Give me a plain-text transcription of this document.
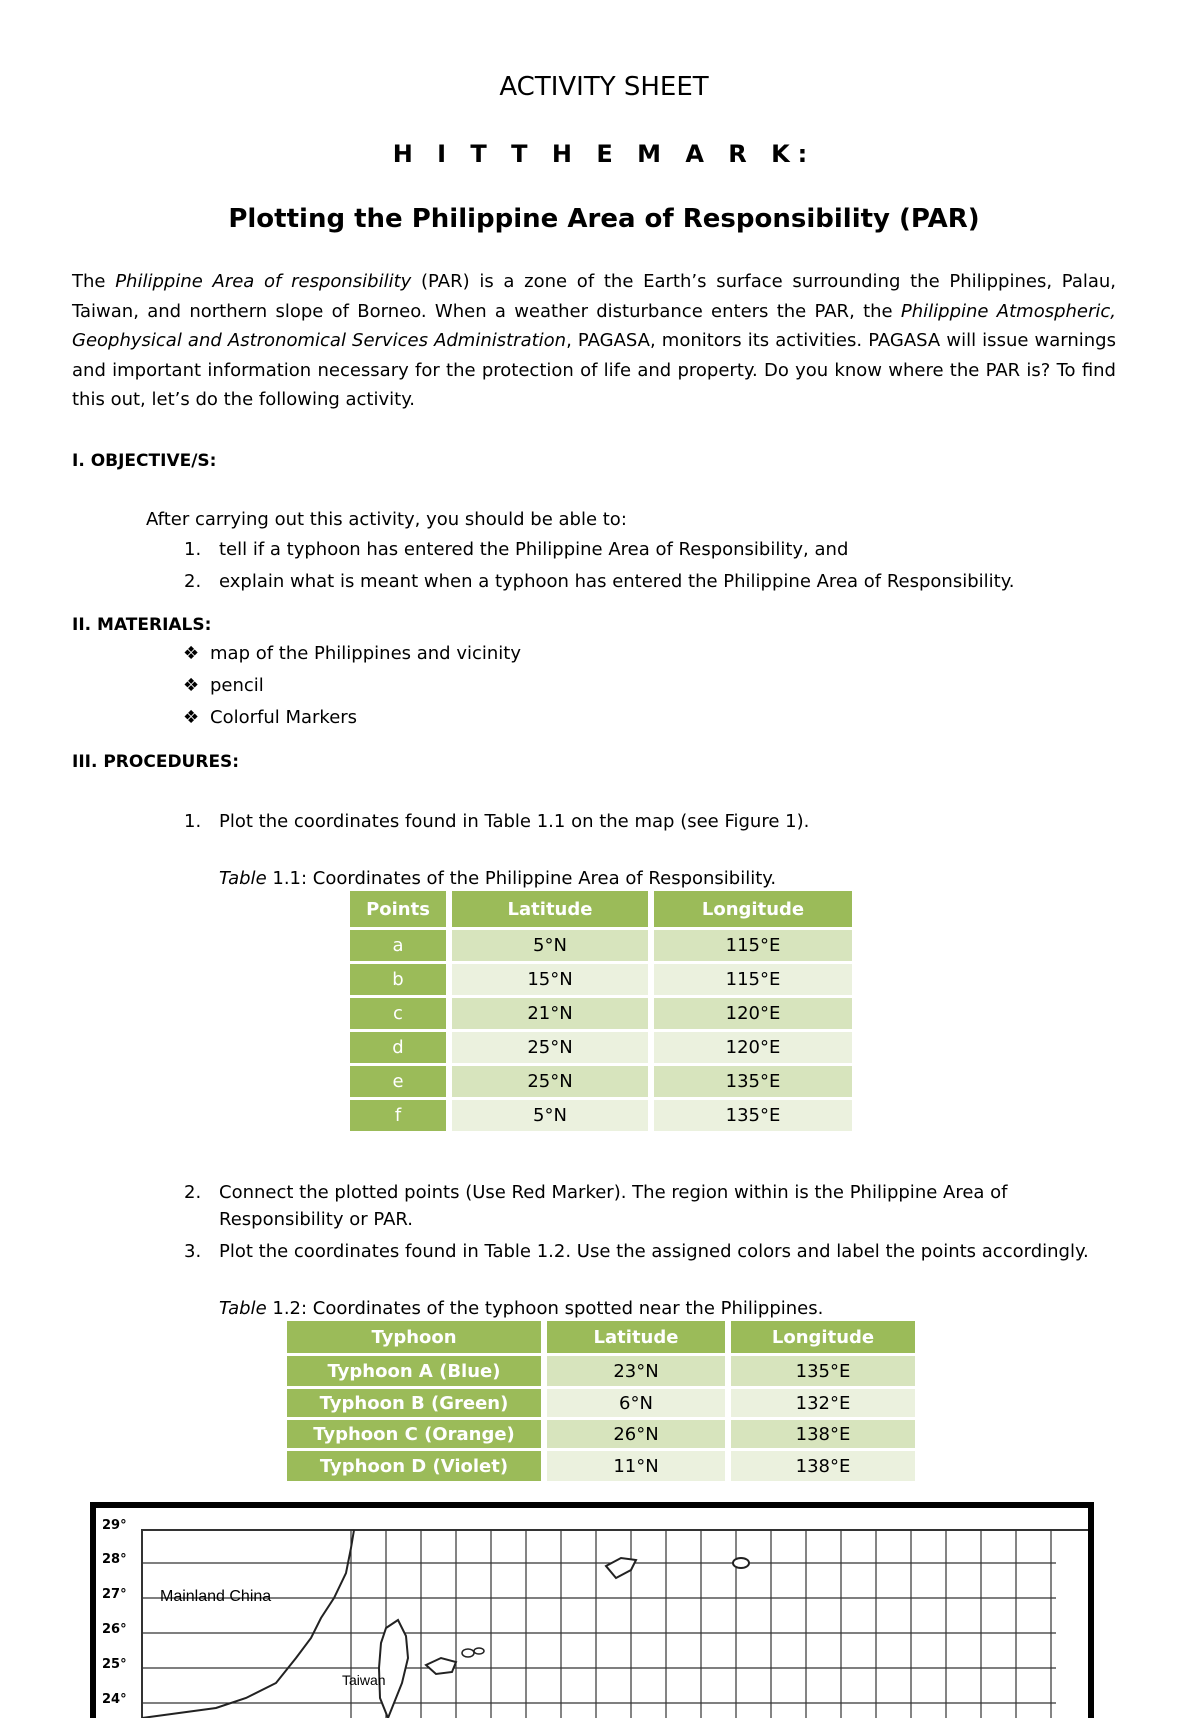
ACTIVITY SHEET
H I T T H E M A R K:
Plotting the Philippine Area of Responsibility (PAR)
The Philippine Area of responsibility (PAR) is a zone of the Earth’s surface surrounding the Philippines, Palau, Taiwan, and northern slope of Borneo. When a weather disturbance enters the PAR, the Philippine Atmospheric, Geophysical and Astronomical Services Administration, PAGASA, monitors its activities. PAGASA will issue warnings and important information necessary for the protection of life and property. Do you know where the PAR is? To find this out, let’s do the following activity.
I. OBJECTIVE/S:
After carrying out this activity, you should be able to:
1. tell if a typhoon has entered the Philippine Area of Responsibility, and
2. explain what is meant when a typhoon has entered the Philippine Area of Responsibility.
II. MATERIALS:
❖ map of the Philippines and vicinity
❖ pencil
❖ Colorful Markers
III. PROCEDURES:
1. Plot the coordinates found in Table 1.1 on the map (see Figure 1).
Table 1.1: Coordinates of the Philippine Area of Responsibility.
Points	Latitude	Longitude
a	5°N	115°E
b	15°N	115°E
c	21°N	120°E
d	25°N	120°E
e	25°N	135°E
f	5°N	135°E
2. Connect the plotted points (Use Red Marker). The region within is the Philippine Area of
Responsibility or PAR.
3. Plot the coordinates found in Table 1.2. Use the assigned colors and label the points accordingly.
Table 1.2: Coordinates of the typhoon spotted near the Philippines.
Typhoon	Latitude	Longitude
Typhoon A (Blue)	23°N	135°E
Typhoon B (Green)	6°N	132°E
Typhoon C (Orange)	26°N	138°E
Typhoon D (Violet)	11°N	138°E
29°
28°
27°
26°
25°
24°
Mainland China
Taiwan
